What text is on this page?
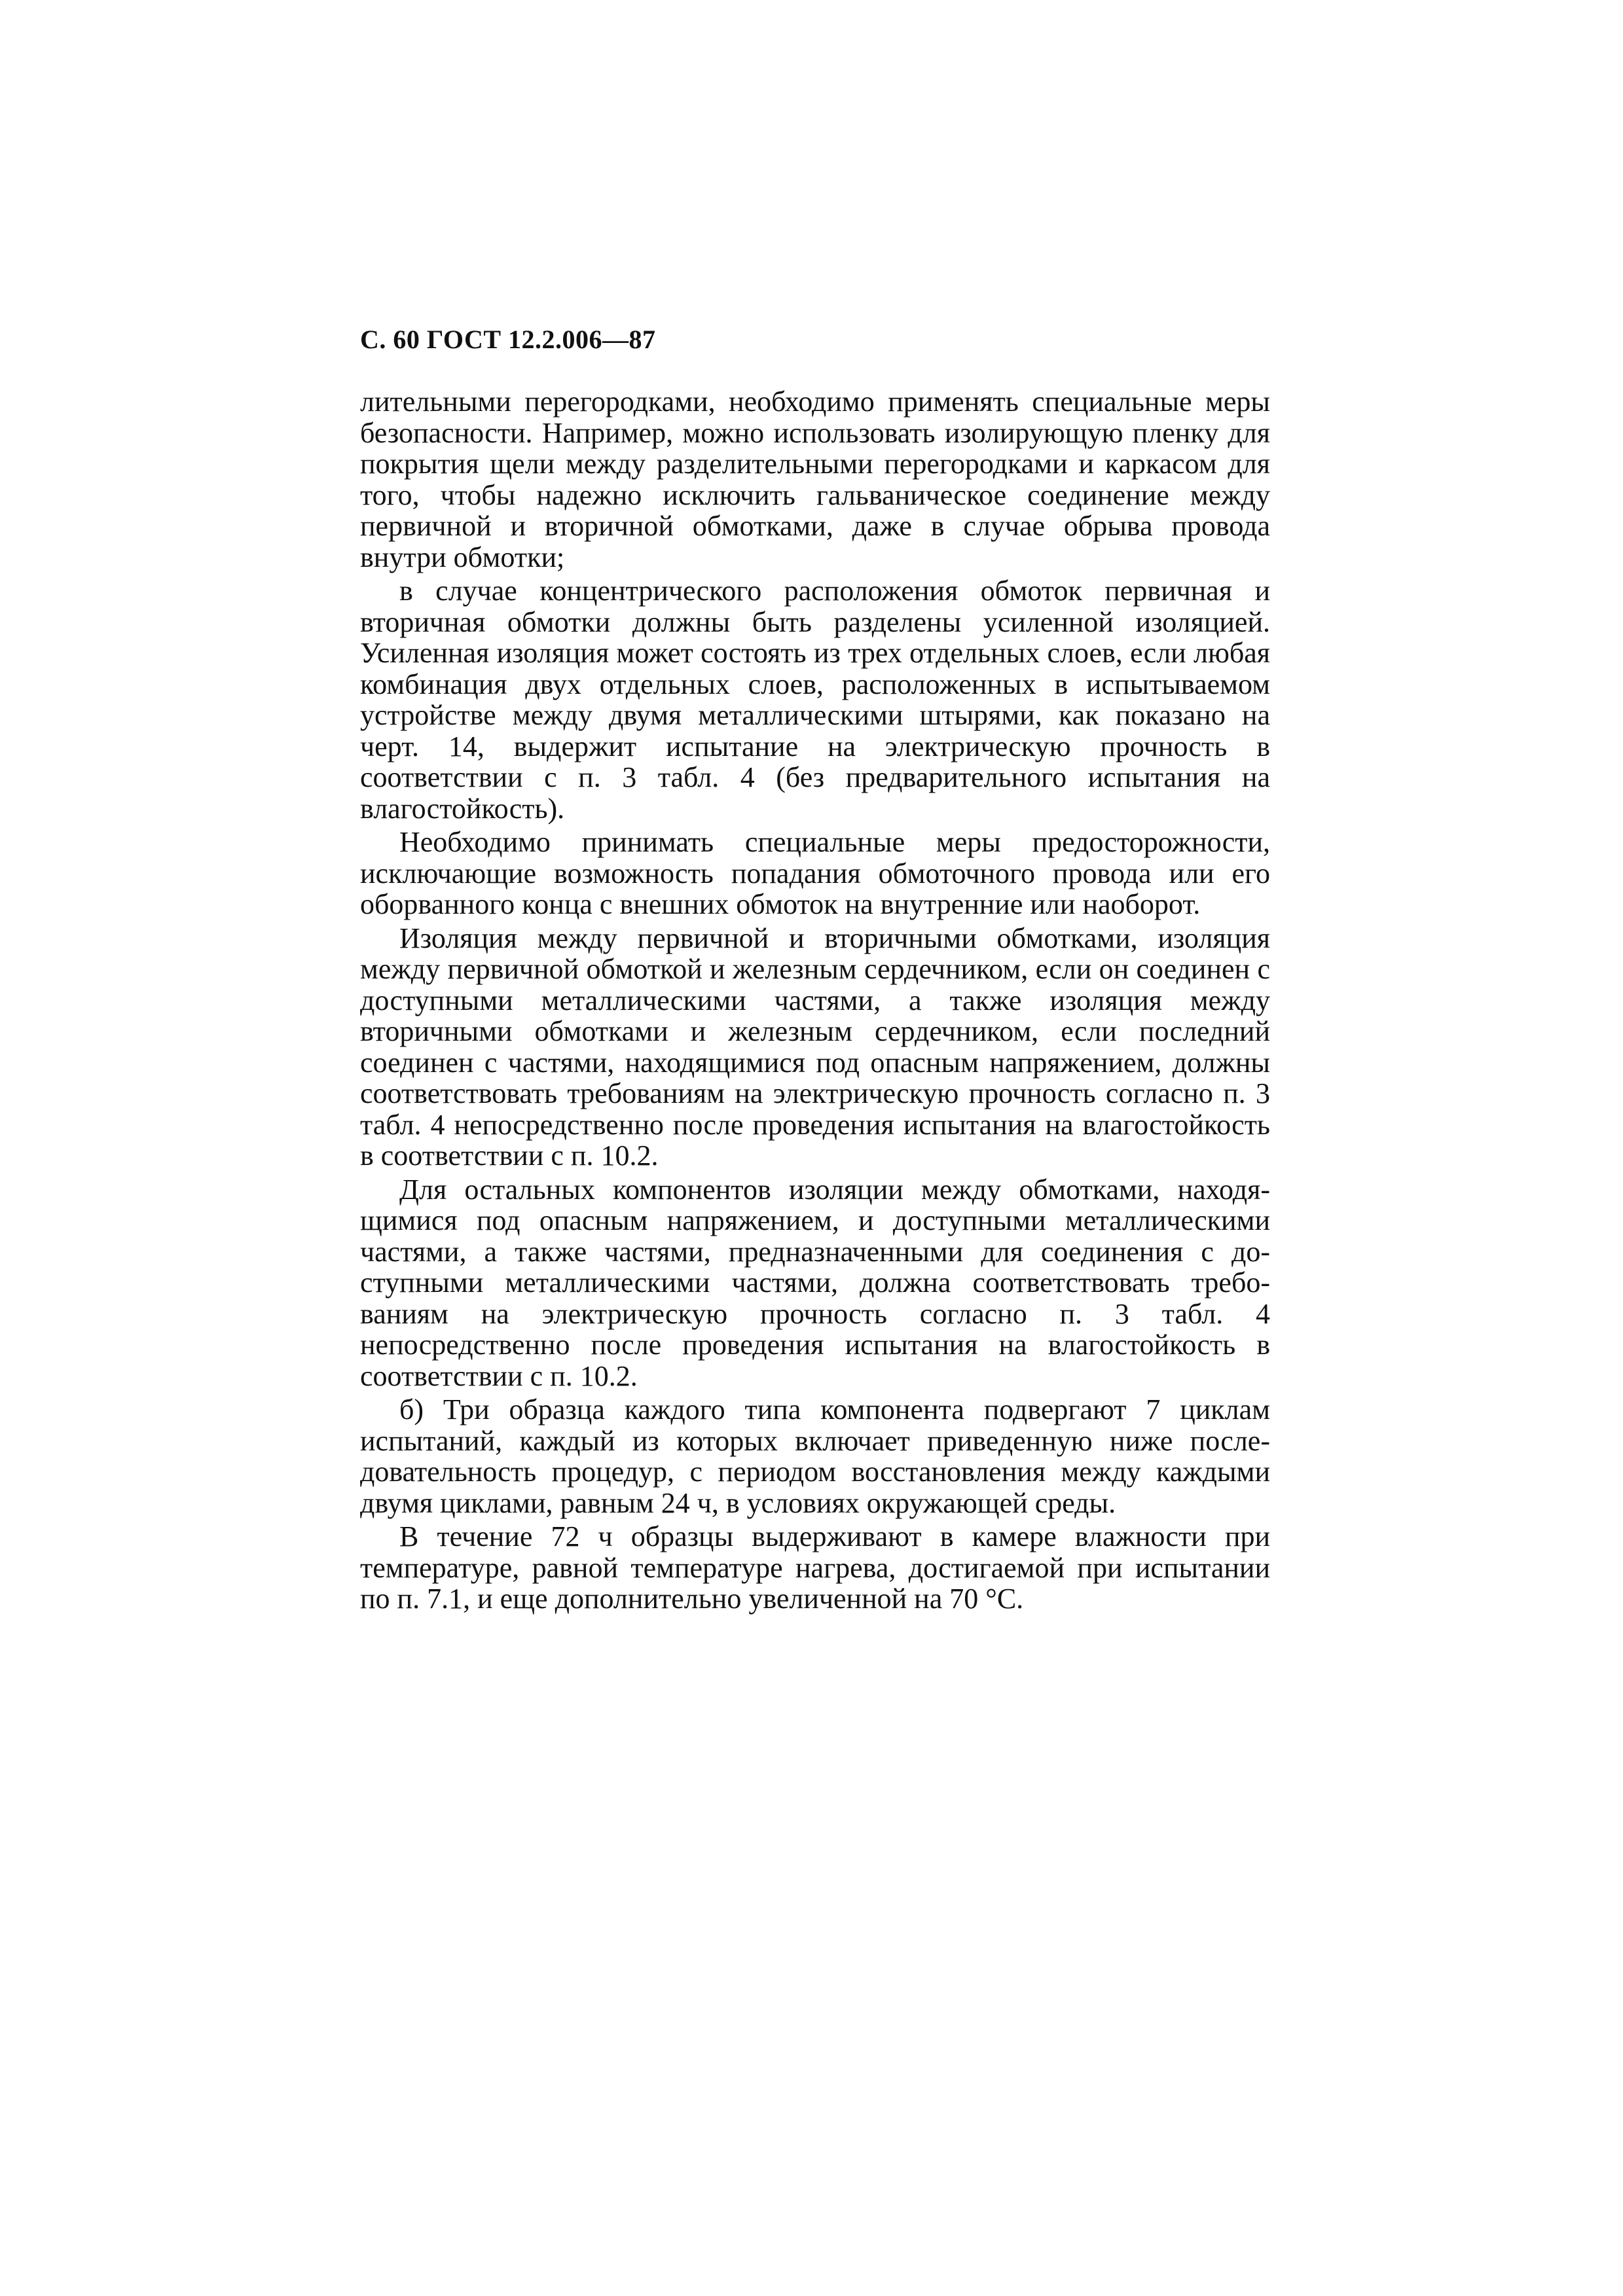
С. 60 ГОСТ 12.2.006—87

лительными перегородками, необходимо применять специальные меры безопасности. Например, можно использовать изолирующую пленку для покрытия щели между разделительными перегородками и каркасом для того, чтобы надежно исключить гальваническое соединение между первичной и вторичной обмотками, даже в случае обрыва провода внутри обмотки;

в случае концентрического расположения обмоток первичная и вторичная обмотки должны быть разделены усиленной изоляцией. Усиленная изоляция может состоять из трех отдельных слоев, если любая комбинация двух отдельных слоев, расположенных в испытываемом устройстве между двумя металлическими штырями, как показано на черт. 14, выдержит испытание на электрическую прочность в соответствии с п. 3 табл. 4 (без предварительного испытания на влагостойкость).

Необходимо принимать специальные меры предосторожности, исключающие возможность попадания обмоточного провода или его оборванного конца с внешних обмоток на внутренние или наоборот.

Изоляция между первичной и вторичными обмотками, изоляция между первичной обмоткой и железным сердечником, если он соединен с доступными металлическими частями, а также изоляция между вторичными обмотками и железным сердечником, если последний соединен с частями, находящимися под опасным напряжением, должны соответствовать требованиям на электрическую прочность согласно п. 3 табл. 4 непосредственно после проведения испытания на влагостойкость в соответствии с п. 10.2.

Для остальных компонентов изоляции между обмотками, находящимися под опасным напряжением, и доступными металлическими частями, а также частями, предназначенными для соединения с доступными металлическими частями, должна соответствовать требованиям на электрическую прочность согласно п. 3 табл. 4 непосредственно после проведения испытания на влагостойкость в соответствии с п. 10.2.

б) Три образца каждого типа компонента подвергают 7 циклам испытаний, каждый из которых включает приведенную ниже последовательность процедур, с периодом восстановления между каждыми двумя циклами, равным 24 ч, в условиях окружающей среды.

В течение 72 ч образцы выдерживают в камере влажности при температуре, равной температуре нагрева, достигаемой при испытании по п. 7.1, и еще дополнительно увеличенной на 70 °С.
